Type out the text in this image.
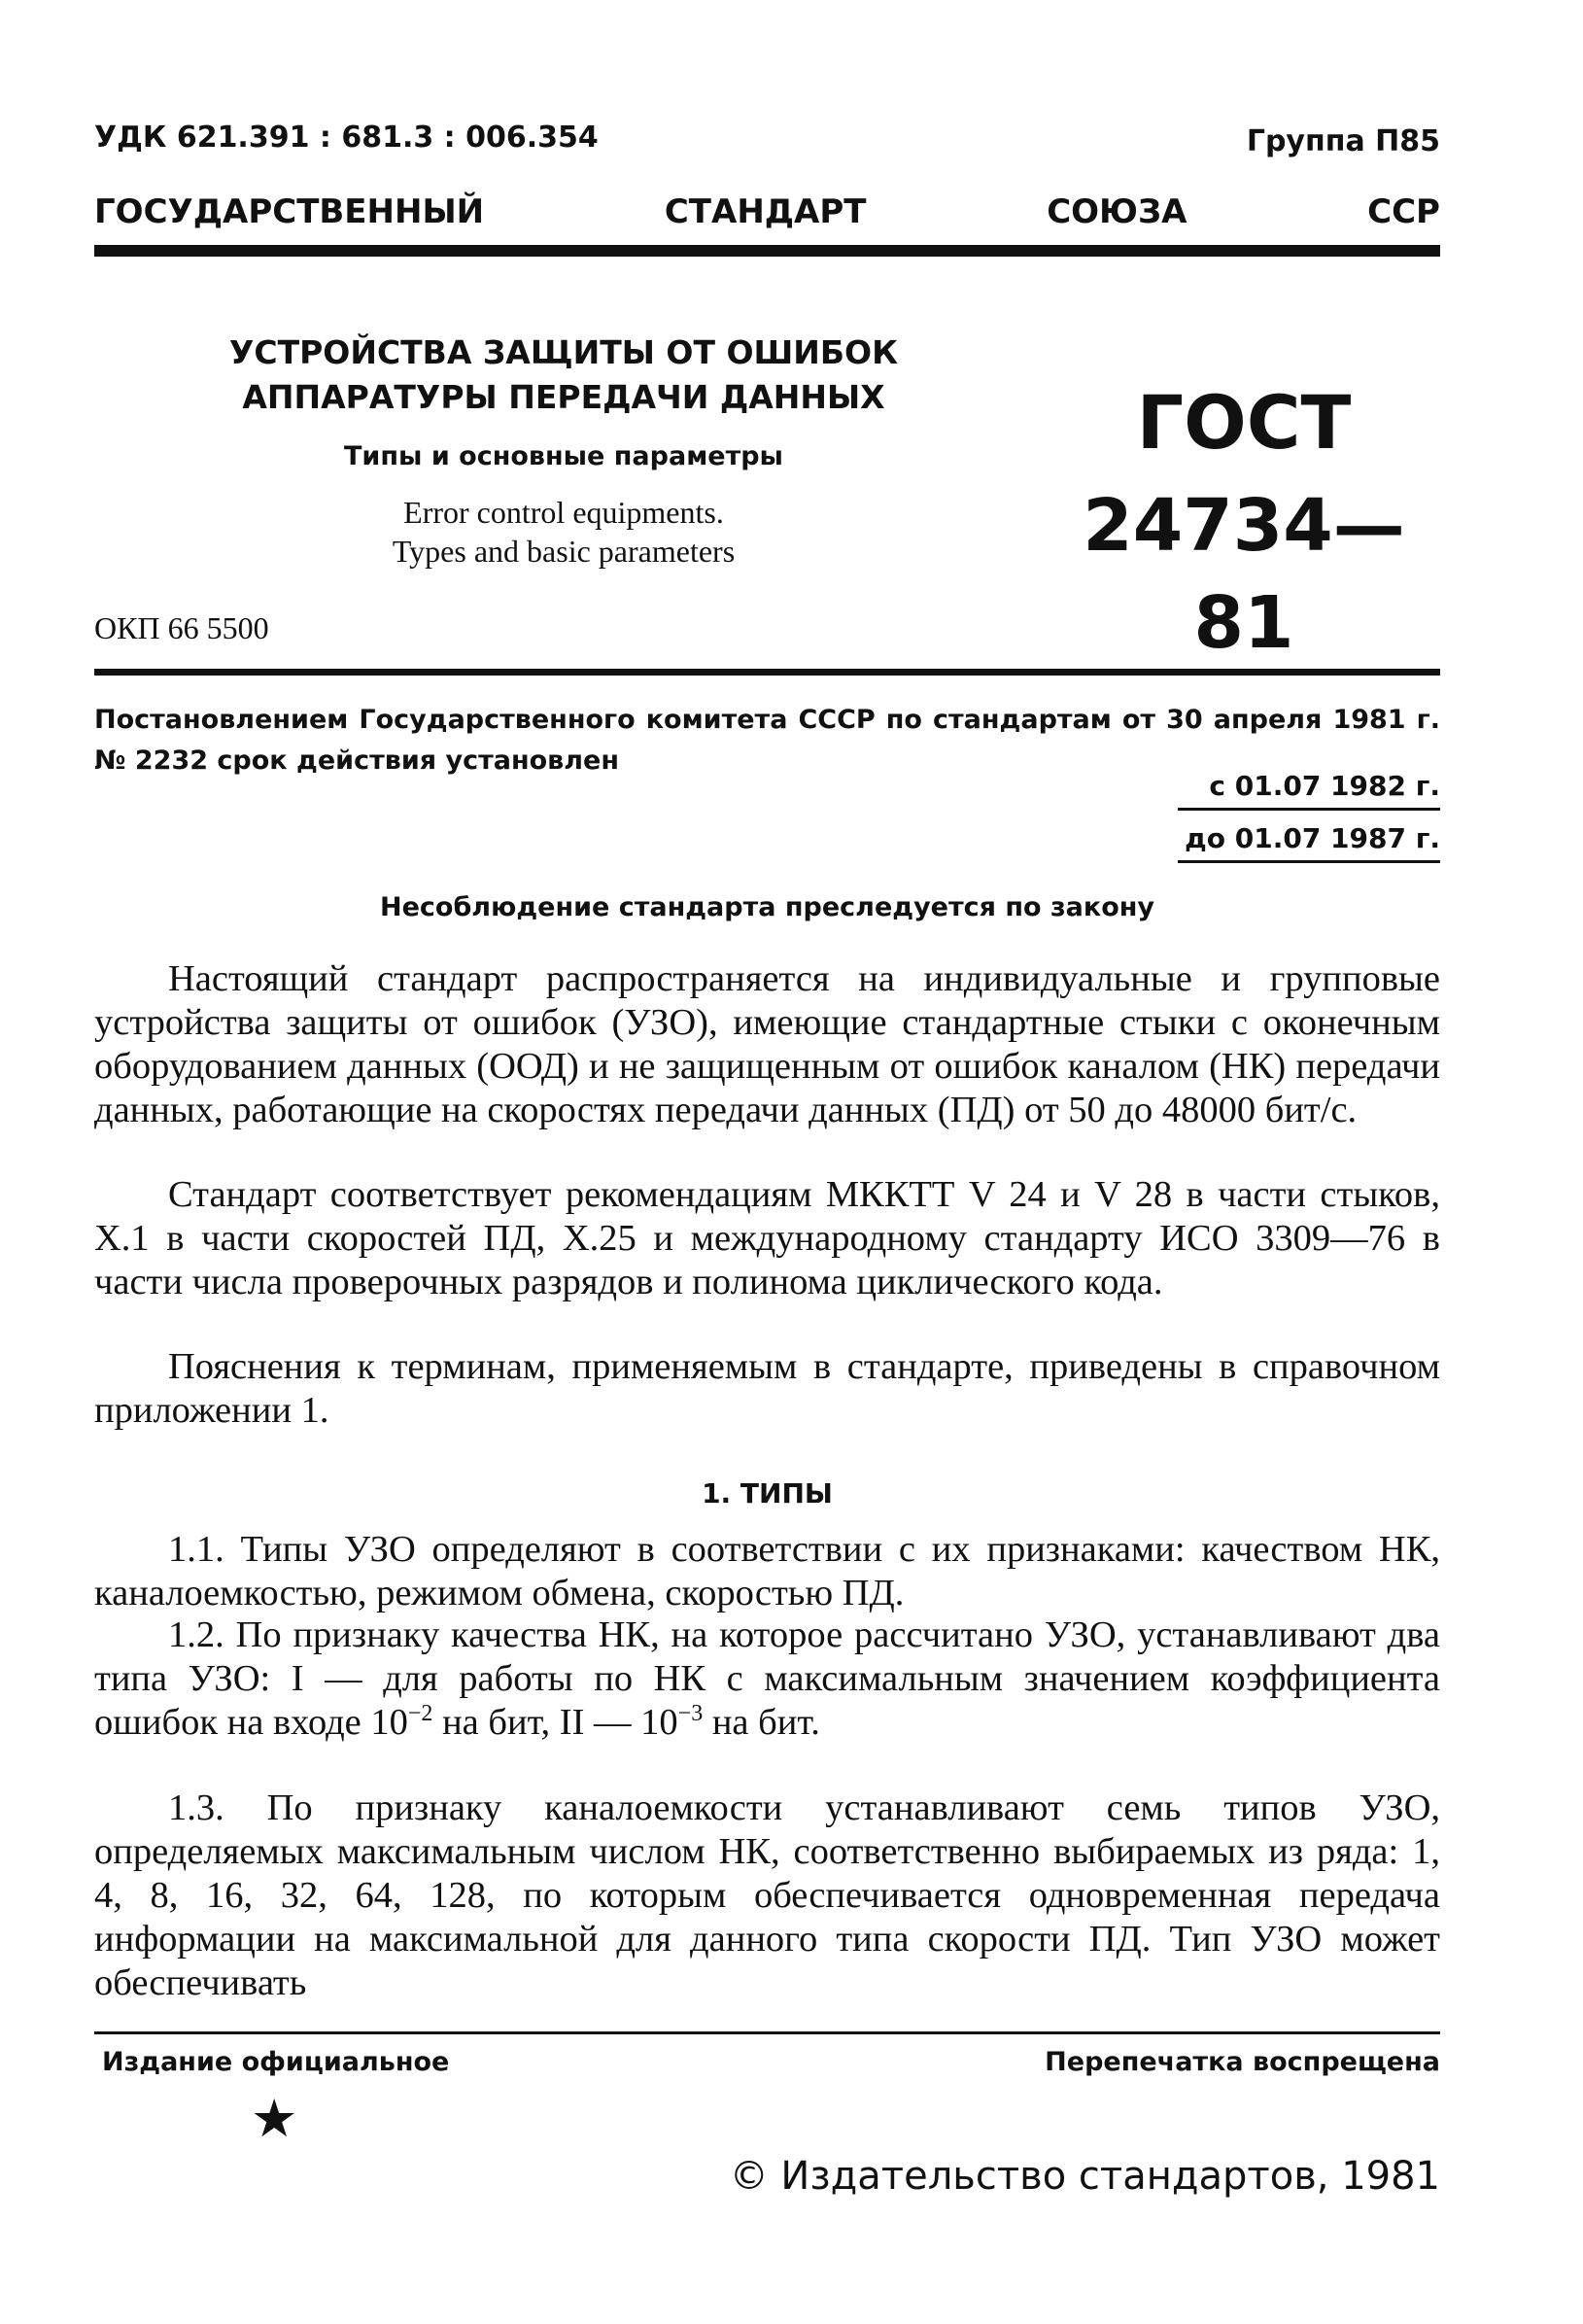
УДК 621.391 : 681.3 : 006.354	Группа П85
ГОСУДАРСТВЕННЫЙ	СТАНДАРТ	СОЮЗА	ССР
УСТРОЙСТВА ЗАЩИТЫ ОТ ОШИБОК
АППАРАТУРЫ ПЕРЕДАЧИ ДАННЫХ
Типы и основные параметры
Error control equipments.
Types and basic parameters
ГОСТ
24734—81
ОКП 66 5500
Постановлением Государственного комитета СССР по стандартам от 30 апреля 1981 г. № 2232 срок действия установлен
с 01.07 1982 г.
до 01.07 1987 г.
Несоблюдение стандарта преследуется по закону

Настоящий стандарт распространяется на индивидуальные и групповые устройства защиты от ошибок (УЗО), имеющие стандартные стыки с оконечным оборудованием данных (ООД) и не защищенным от ошибок каналом (НК) передачи данных, работающие на скоростях передачи данных (ПД) от 50 до 48000 бит/с.

Стандарт соответствует рекомендациям МККТТ V 24 и V 28 в части стыков, X.1 в части скоростей ПД, X.25 и международному стандарту ИСО 3309—76 в части числа проверочных разрядов и полинома циклического кода.

Пояснения к терминам, применяемым в стандарте, приведены в справочном приложении 1.

1. ТИПЫ

1.1. Типы УЗО определяют в соответствии с их признаками: качеством НК, каналоемкостью, режимом обмена, скоростью ПД.

1.2. По признаку качества НК, на которое рассчитано УЗО, устанавливают два типа УЗО: I — для работы по НК с максимальным значением коэффициента ошибок на входе $10^{-2}$ на бит, II — $10^{-3}$ на бит.

1.3. По признаку каналоемкости устанавливают семь типов УЗО, определяемых максимальным числом НК, соответственно выбираемых из ряда: 1, 4, 8, 16, 32, 64, 128, по которым обеспечивается одновременная передача информации на максимальной для данного типа скорости ПД. Тип УЗО может обеспечивать

Издание официальное	Перепечатка воспрещена
★
© Издательство стандартов, 1981
